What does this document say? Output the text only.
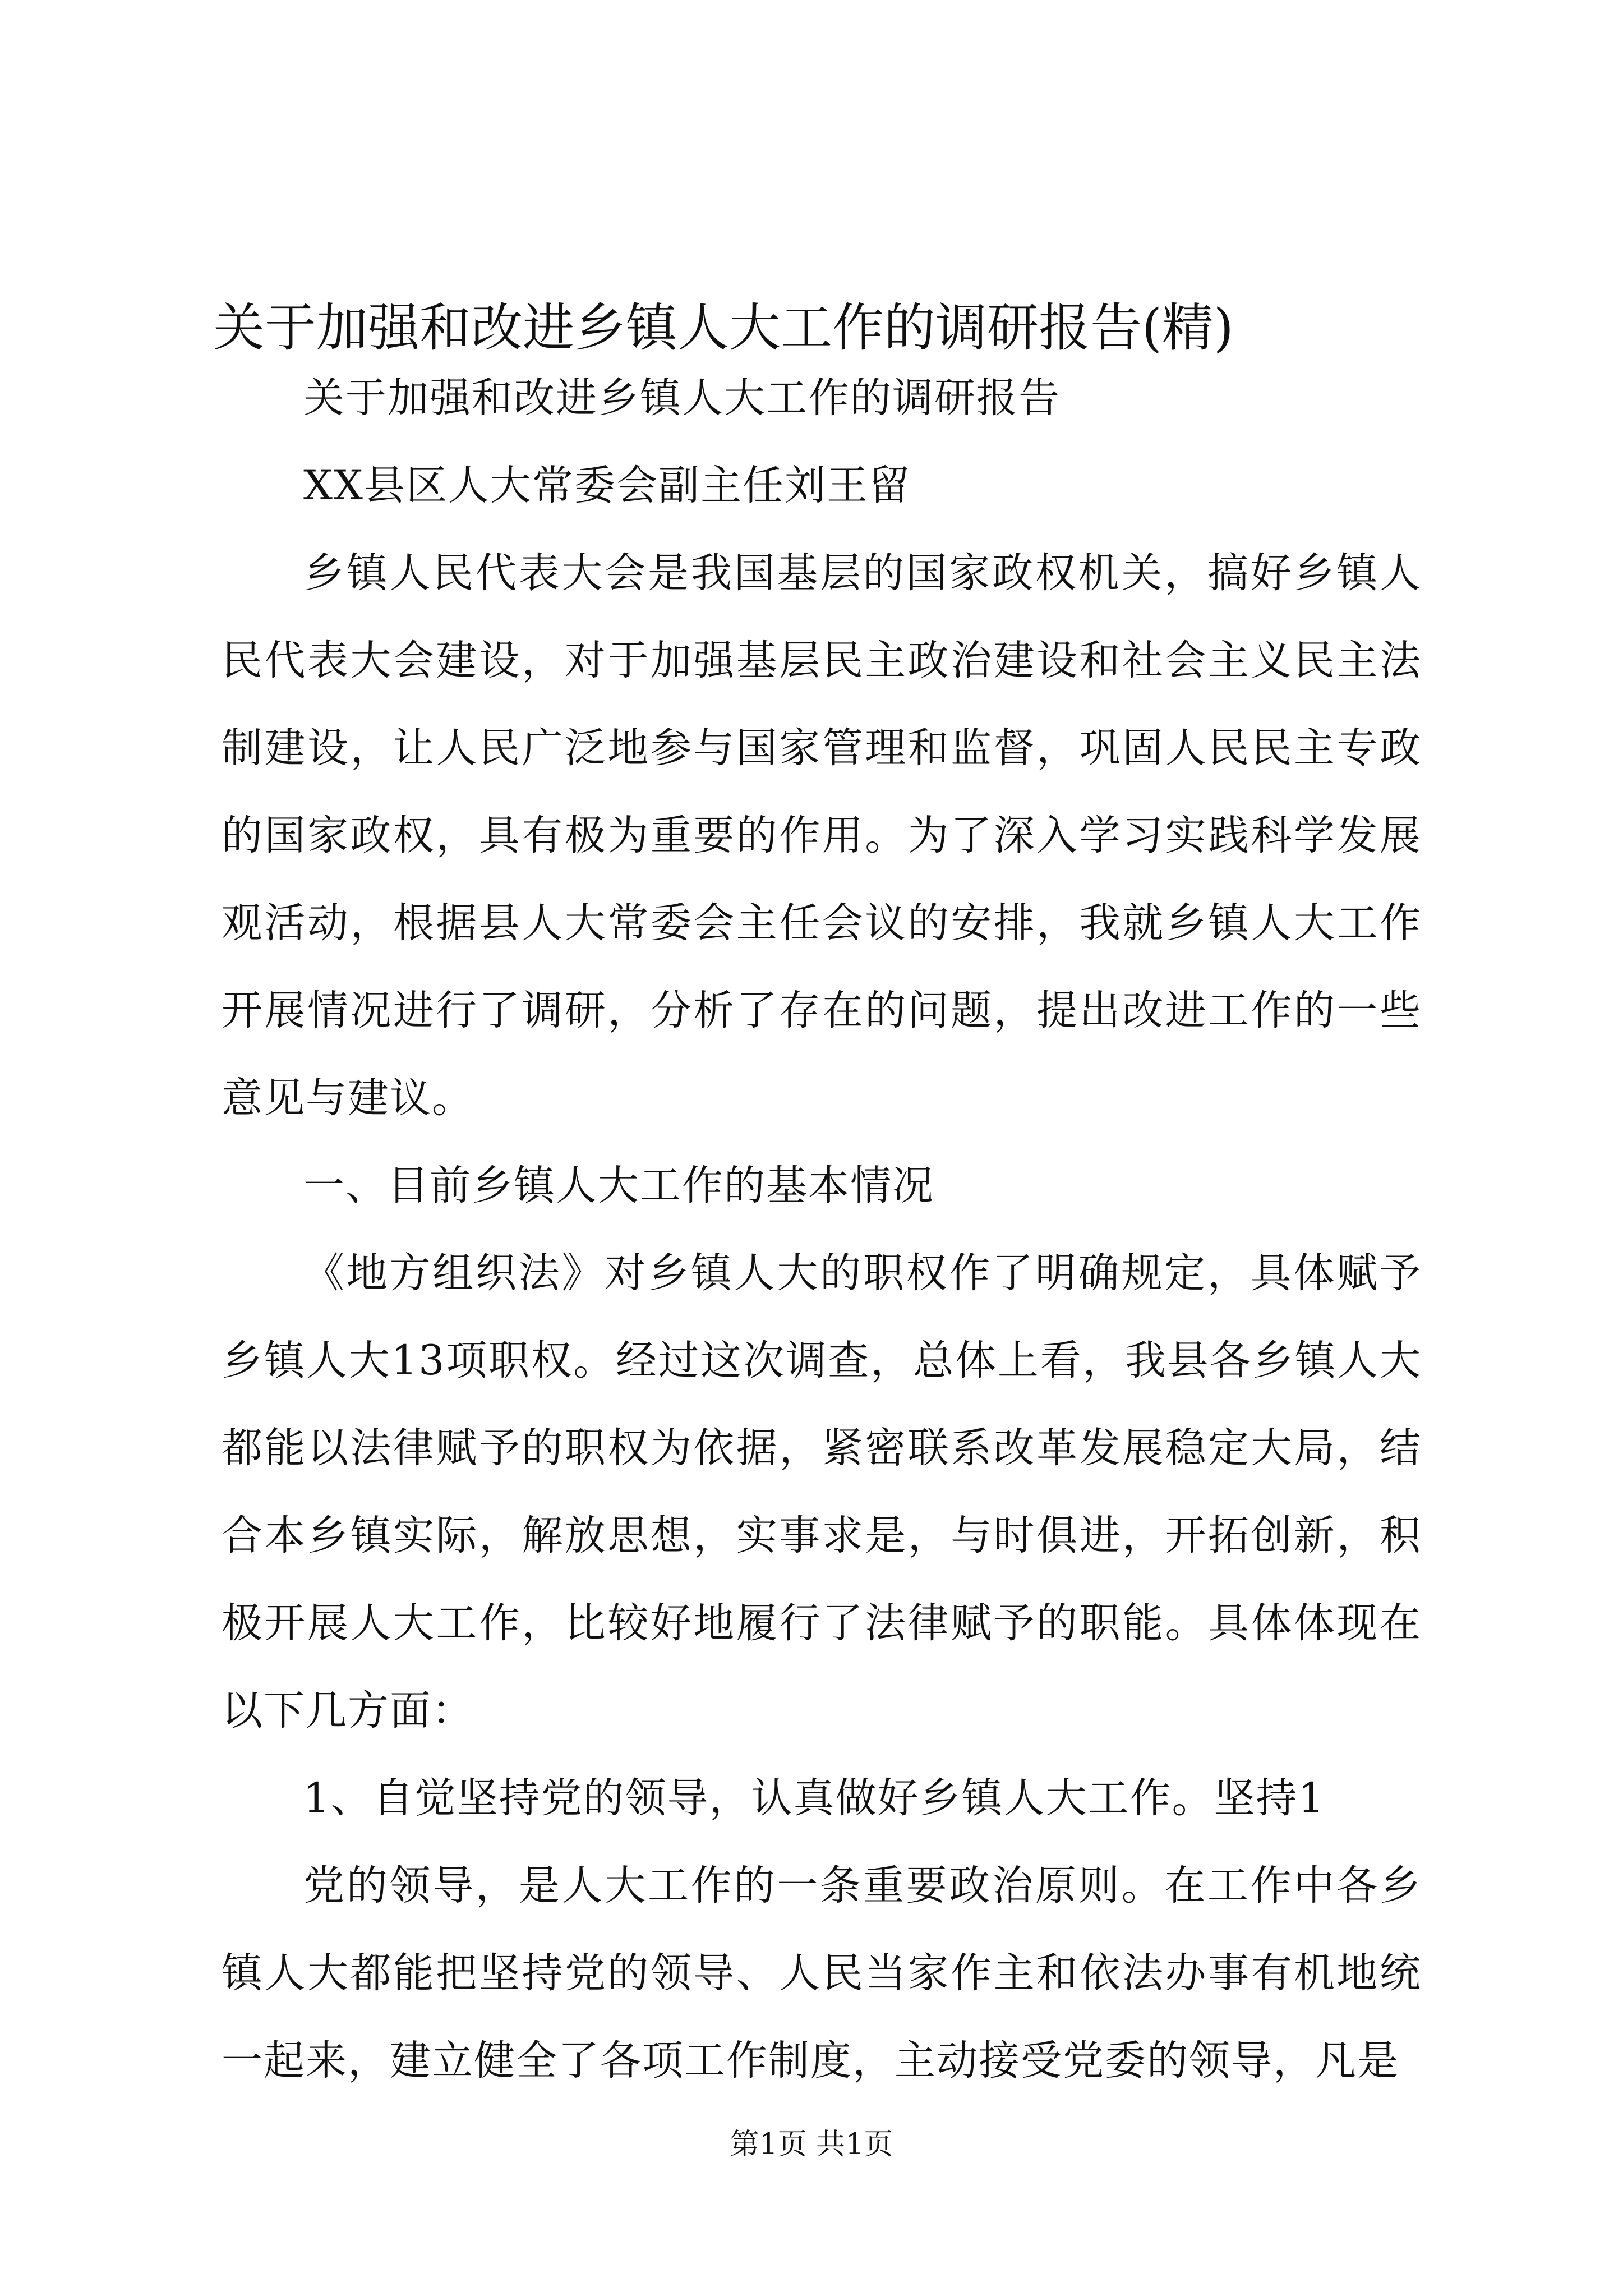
关于加强和改进乡镇人大工作的调研报告(精)

关于加强和改进乡镇人大工作的调研报告

XX县区人大常委会副主任刘王留

乡镇人民代表大会是我国基层的国家政权机关，搞好乡镇人民代表大会建设，对于加强基层民主政治建设和社会主义民主法制建设，让人民广泛地参与国家管理和监督，巩固人民民主专政的国家政权，具有极为重要的作用。为了深入学习实践科学发展观活动，根据县人大常委会主任会议的安排，我就乡镇人大工作开展情况进行了调研，分析了存在的问题，提出改进工作的一些意见与建议。

一、目前乡镇人大工作的基本情况

《地方组织法》对乡镇人大的职权作了明确规定，具体赋予乡镇人大13项职权。经过这次调查，总体上看，我县各乡镇人大都能以法律赋予的职权为依据，紧密联系改革发展稳定大局，结合本乡镇实际，解放思想，实事求是，与时俱进，开拓创新，积极开展人大工作，比较好地履行了法律赋予的职能。具体体现在以下几方面：

1、自觉坚持党的领导，认真做好乡镇人大工作。坚持1

党的领导，是人大工作的一条重要政治原则。在工作中各乡镇人大都能把坚持党的领导、人民当家作主和依法办事有机地统一起来，建立健全了各项工作制度，主动接受党委的领导，凡是

第1页 共1页
